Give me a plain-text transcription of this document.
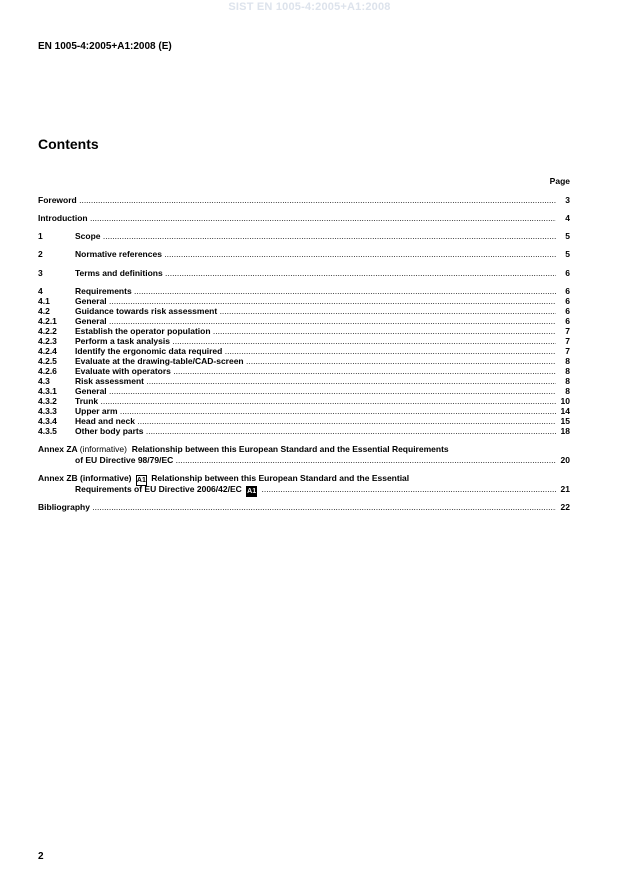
SIST EN 1005-4:2005+A1:2008
EN 1005-4:2005+A1:2008 (E)
Contents
Page
Foreword .....	3
Introduction .....	4
1	Scope .....	5
2	Normative references .....	5
3	Terms and definitions .....	6
4	Requirements .....	6
4.1	General .....	6
4.2	Guidance towards risk assessment .....	6
4.2.1 General .....	6
4.2.2 Establish the operator population .....	7
4.2.3 Perform a task analysis .....	7
4.2.4 Identify the ergonomic data required .....	7
4.2.5 Evaluate at the drawing-table/CAD-screen .....	8
4.2.6 Evaluate with operators .....	8
4.3	Risk assessment .....	8
4.3.1 General .....	8
4.3.2 Trunk .....	10
4.3.3 Upper arm .....	14
4.3.4 Head and neck .....	15
4.3.5 Other body parts .....	18
Annex ZA (informative) Relationship between this European Standard and the Essential Requirements
of EU Directive 98/79/EC .....	20
Annex ZB (informative) A1 Relationship between this European Standard and the Essential
Requirements of EU Directive 2006/42/EC A1 .....	21
Bibliography .....	22
2
